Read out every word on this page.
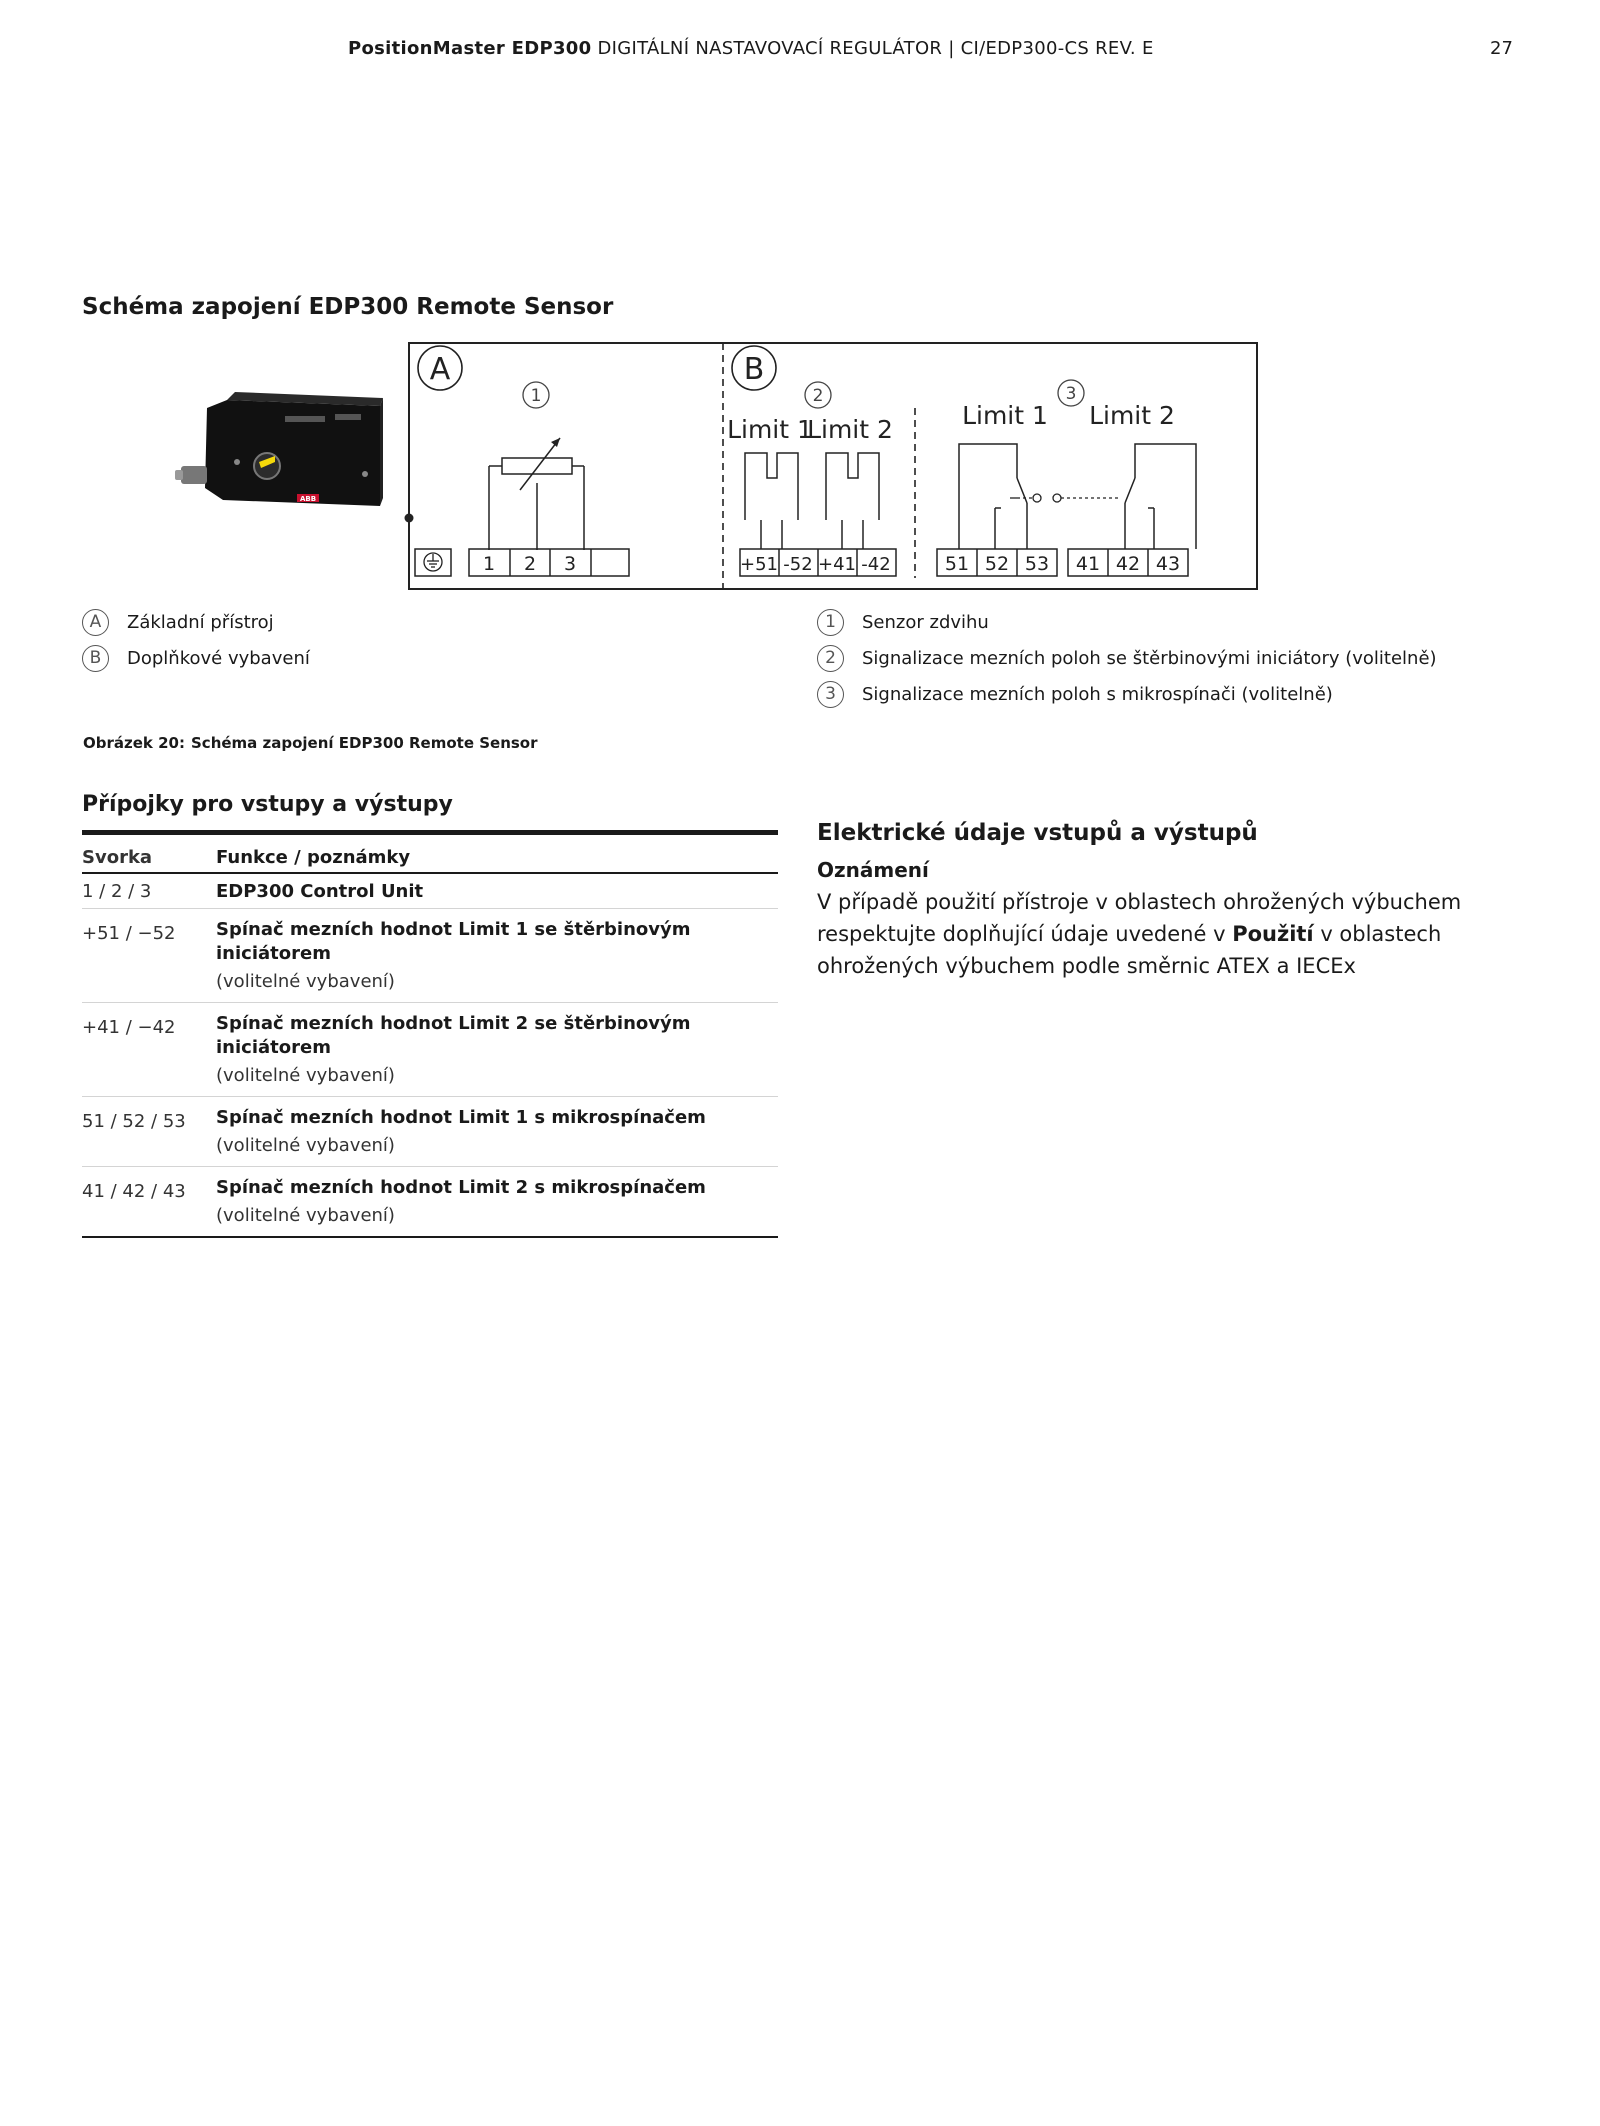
PositionMaster EDP300 DIGITÁLNÍ NASTAVOVACÍ REGULÁTOR | CI/EDP300-CS REV. E	27
Schéma zapojení EDP300 Remote Sensor
ABB
A	B
1	2	3
1 2 3
Limit 1
Limit 2
+51 -52 +41 -42
Limit 1 Limit 2
51 52 53 41 42 43
A	Základní přístroj
B	Doplňkové vybavení
1	Senzor zdvihu
2	Signalizace mezních poloh se štěrbinovými iniciátory (volitelně)
3	Signalizace mezních poloh s mikrospínači (volitelně)
Obrázek 20: Schéma zapojení EDP300 Remote Sensor
Přípojky pro vstupy a výstupy
Svorka	Funkce / poznámky
1 / 2 / 3	EDP300 Control Unit

+51 / −52	Spínač mezních hodnot Limit 1 se štěrbinovým iniciátorem
(volitelné vybavení)

+41 / −42	Spínač mezních hodnot Limit 2 se štěrbinovým iniciátorem
(volitelné vybavení)

51 / 52 / 53	Spínač mezních hodnot Limit 1 s mikrospínačem
(volitelné vybavení)

41 / 42 / 43	Spínač mezních hodnot Limit 2 s mikrospínačem
(volitelné vybavení)
Elektrické údaje vstupů a výstupů
Oznámení

V případě použití přístroje v oblastech ohrožených výbuchem respektujte doplňující údaje uvedené v Použití v oblastech ohrožených výbuchem podle směrnic ATEX a IECEx
